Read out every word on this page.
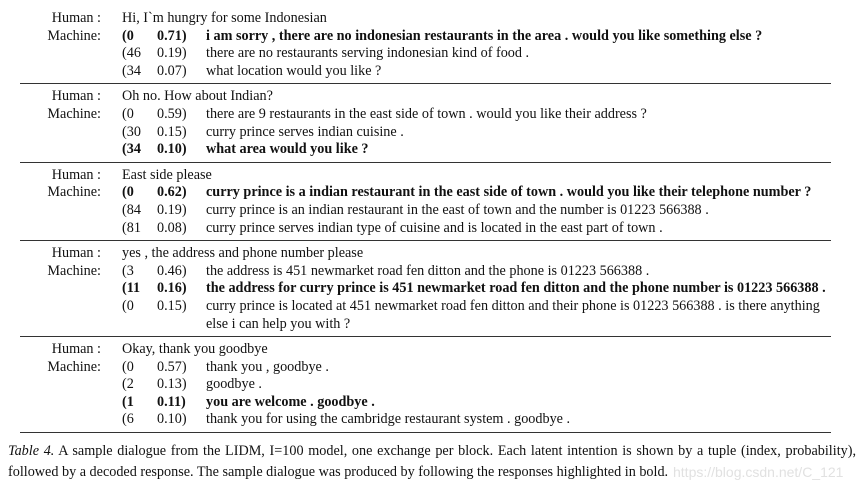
Human : Hi, I`m hungry for some Indonesian
Machine: (0	0.71)	i am sorry , there are no indonesian restaurants in the area . would you like something else ?
(46	0.19)	there are no restaurants serving indonesian kind of food .
(34	0.07)	what location would you like ?
Human : Oh no. How about Indian?
Machine: (0	0.59)	there are 9 restaurants in the east side of town . would you like their address ?
(30	0.15)	curry prince serves indian cuisine .
(34	0.10)	what area would you like ?
Human : East side please
Machine: (0	0.62)	curry prince is a indian restaurant in the east side of town . would you like their telephone number ?
(84	0.19)	curry prince is an indian restaurant in the east of town and the number is 01223 566388 .
(81	0.08)	curry prince serves indian type of cuisine and is located in the east part of town .
Human : yes , the address and phone number please
Machine: (3	0.46)	the address is 451 newmarket road fen ditton and the phone is 01223 566388 .
(11	0.16)	the address for curry prince is 451 newmarket road fen ditton and the phone number is 01223 566388 .
(0	0.15)	curry prince is located at 451 newmarket road fen ditton and their phone is 01223 566388 . is there anything else i can help you with ?
Human : Okay, thank you goodbye
Machine: (0	0.57)	thank you , goodbye .
(2	0.13)	goodbye .
(1	0.11)	you are welcome . goodbye .
(6	0.10)	thank you for using the cambridge restaurant system . goodbye .
Table 4. A sample dialogue from the LIDM, I=100 model, one exchange per block. Each latent intention is shown by a tuple (index, probability), followed by a decoded response. The sample dialogue was produced by following the responses highlighted in bold. https://blog.csdn.net/C_121
